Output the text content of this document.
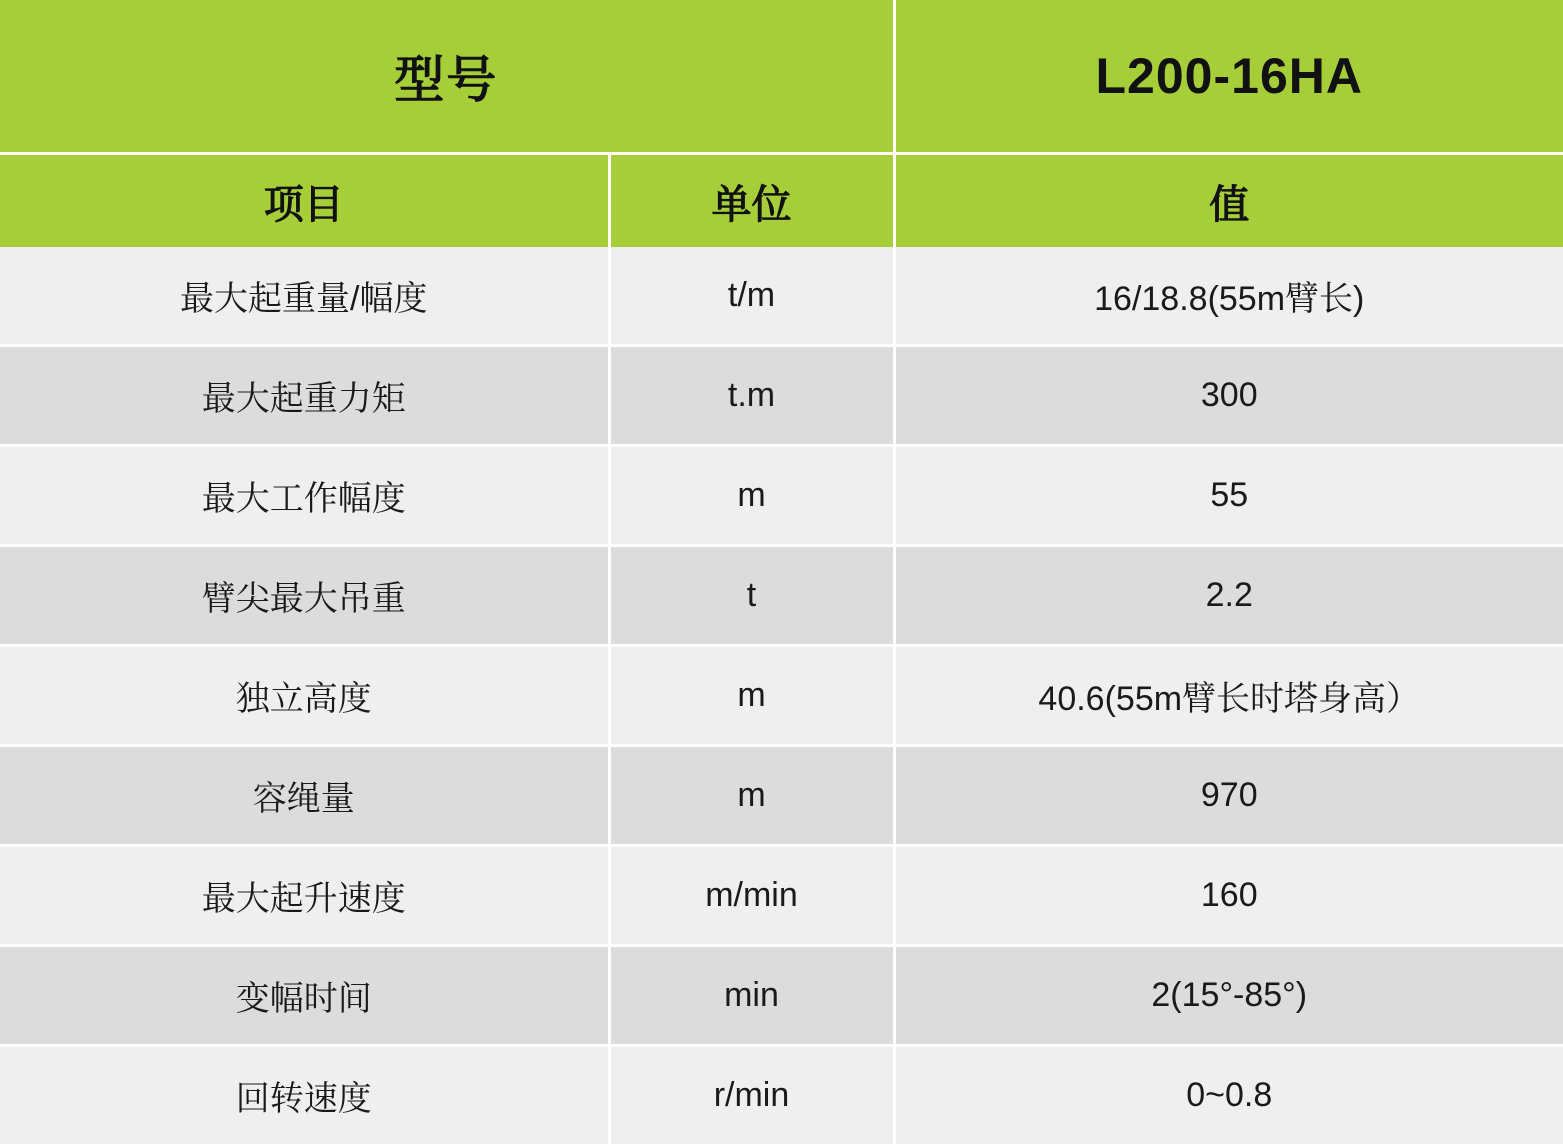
型号		L200-16HA
项目	单位	值
最大起重量/幅度	t/m	16/18.8(55m臂长)
最大起重力矩	t.m	300
最大工作幅度	m	55
臂尖最大吊重	t	2.2
独立高度	m	40.6(55m臂长时塔身高）
容绳量	m	970
最大起升速度	m/min	160
变幅时间	min	2(15°-85°)
回转速度	r/min	0~0.8
